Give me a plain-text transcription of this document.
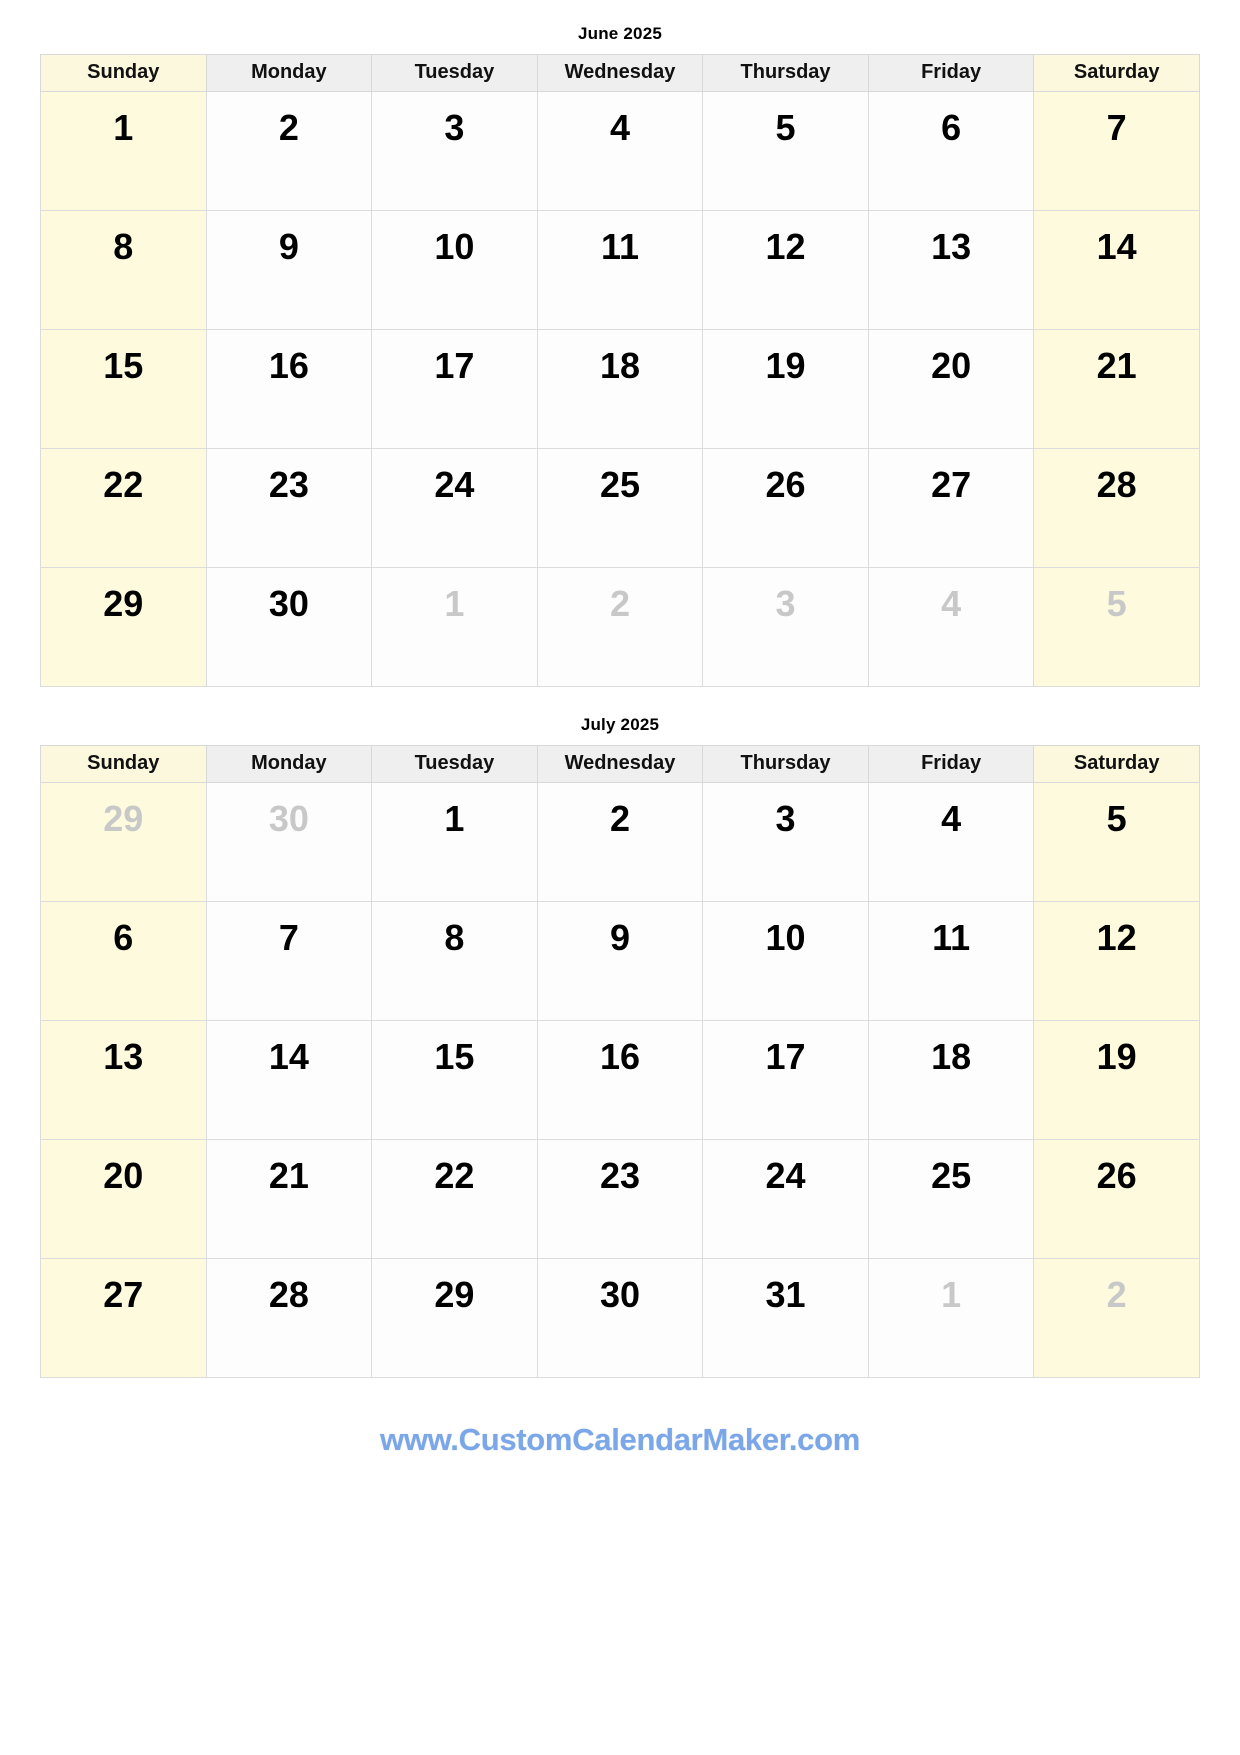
June 2025
Sunday	Monday	Tuesday	Wednesday	Thursday	Friday	Saturday

1	2	3	4	5	6	7

8	9	10	11	12	13	14

15	16	17	18	19	20	21

22	23	24	25	26	27	28

29	30	1	2	3	4	5
July 2025
Sunday	Monday	Tuesday	Wednesday	Thursday	Friday	Saturday

29	30	1	2	3	4	5

6	7	8	9	10	11	12

13	14	15	16	17	18	19

20	21	22	23	24	25	26

27	28	29	30	31	1	2
www.CustomCalendarMaker.com
